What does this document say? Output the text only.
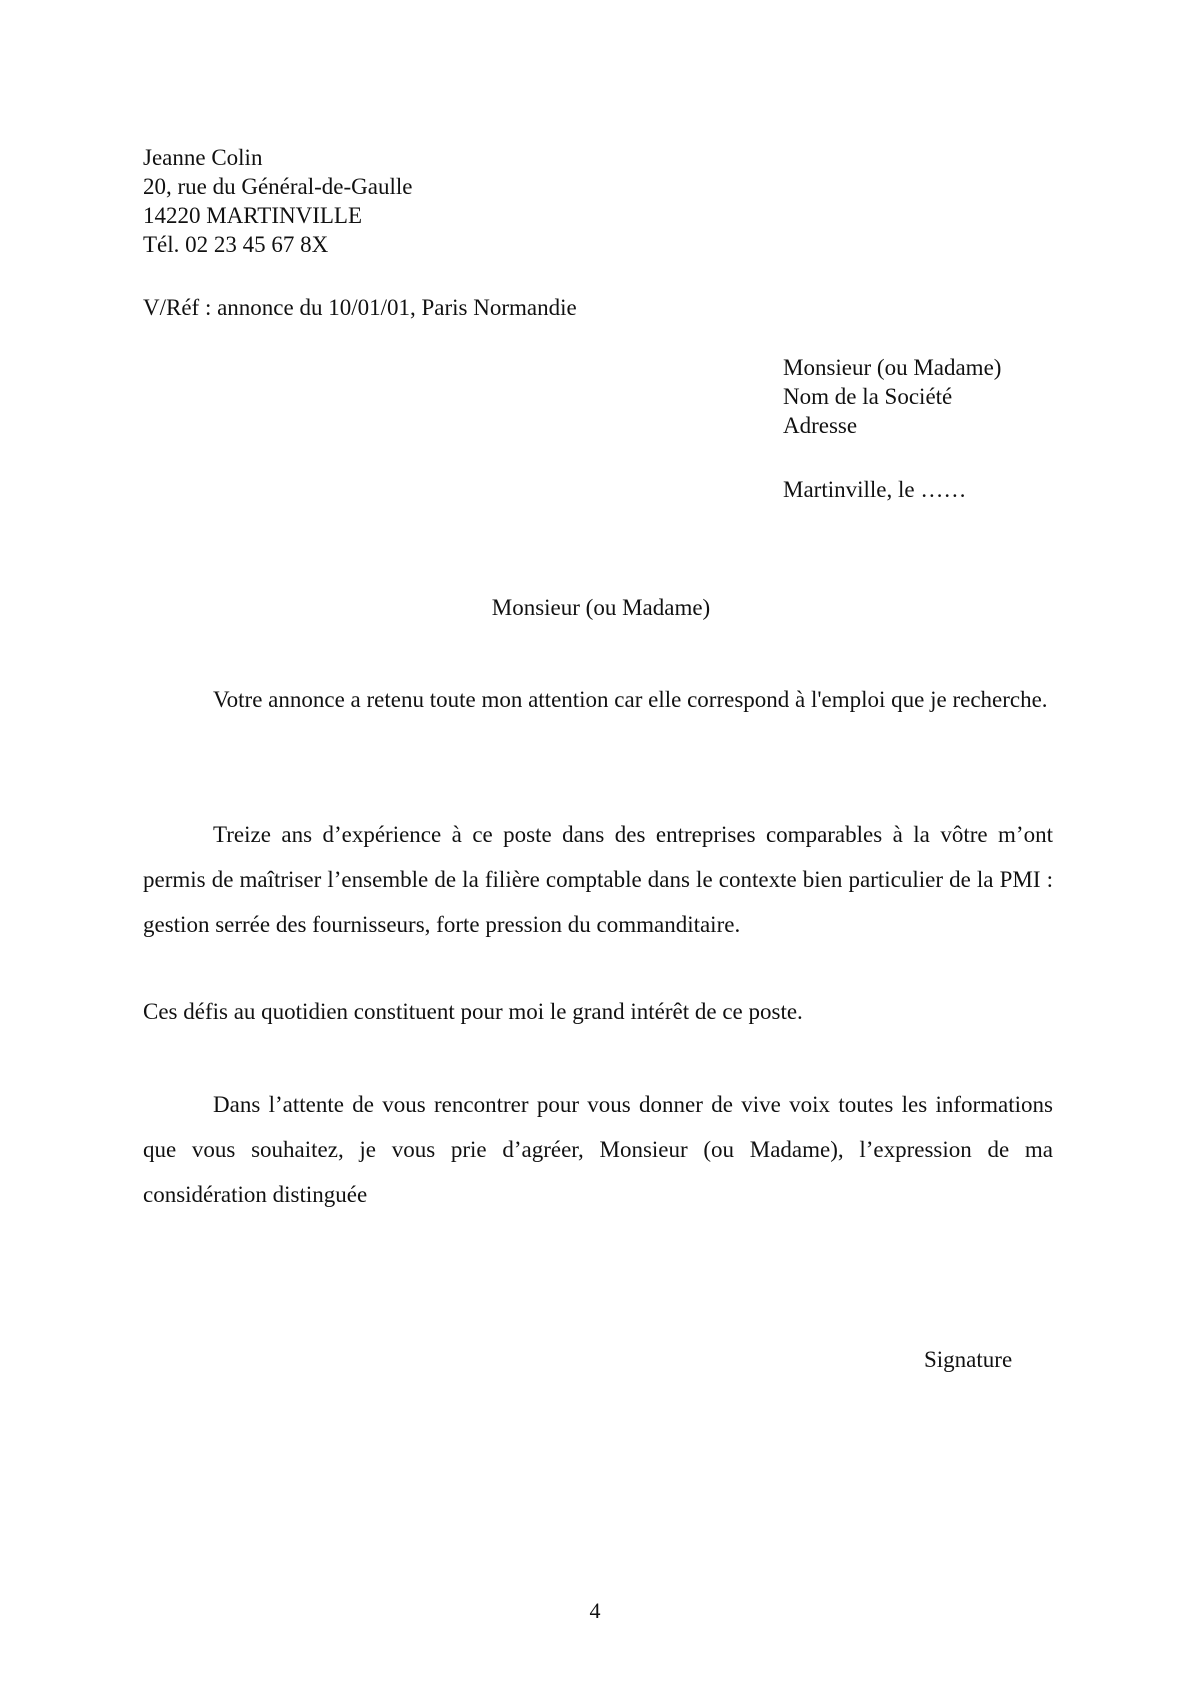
Jeanne Colin
20, rue du Général-de-Gaulle
14220 MARTINVILLE
Tél. 02 23 45 67 8X
V/Réf : annonce du 10/01/01, Paris Normandie
Monsieur (ou Madame)
Nom de la Société
Adresse
Martinville, le ……
Monsieur (ou Madame)

Votre annonce a retenu toute mon attention car elle correspond à l'emploi que je recherche.

Treize ans d’expérience à ce poste dans des entreprises comparables à la vôtre m’ont permis de maîtriser l’ensemble de la filière comptable dans le contexte bien particulier de la PMI : gestion serrée des fournisseurs, forte pression du commanditaire.

Ces défis au quotidien constituent pour moi le grand intérêt de ce poste.

Dans l’attente de vous rencontrer pour vous donner de vive voix toutes les informations que vous souhaitez, je vous prie d’agréer, Monsieur (ou Madame), l’expression de ma considération distinguée

Signature
4
